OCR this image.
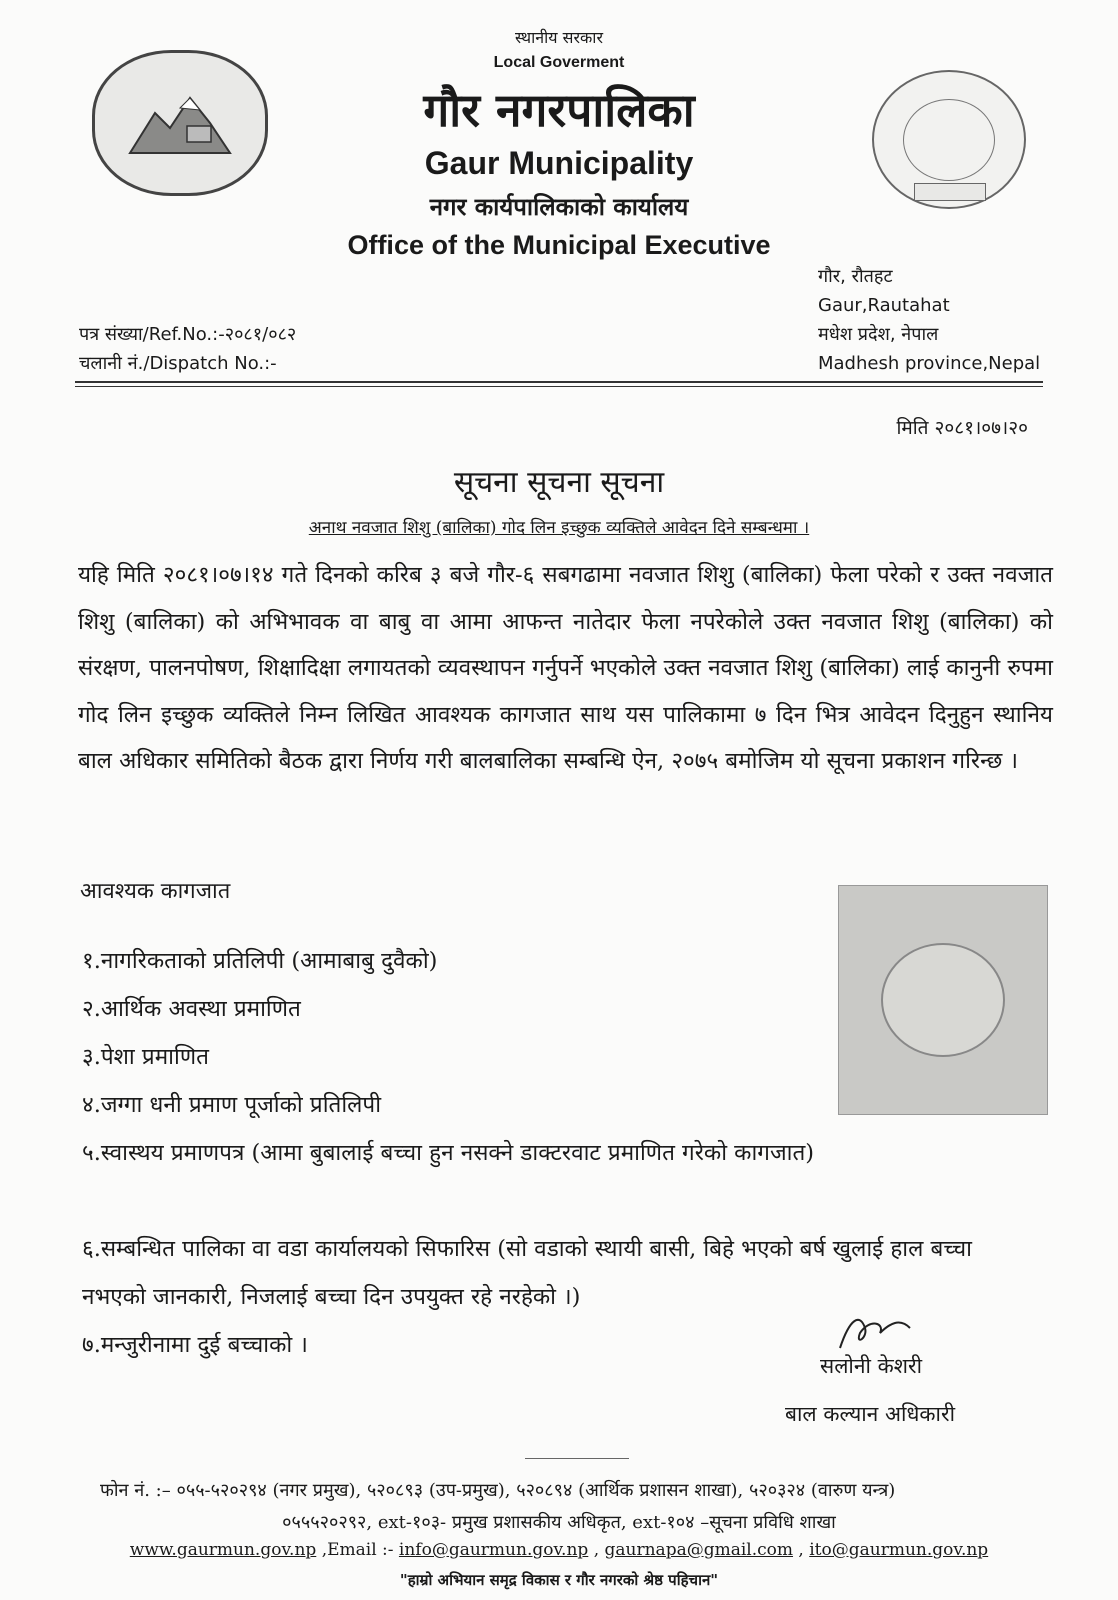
स्थानीय सरकार
Local Goverment
गौर नगरपालिका
Gaur Municipality
नगर कार्यपालिकाको कार्यालय
Office of the Municipal Executive
गौर, रौतहट
Gaur,Rautahat
मधेश प्रदेश, नेपाल
Madhesh province,Nepal
पत्र संख्या/Ref.No.:-२०८१/०८२
चलानी नं./Dispatch No.:-
मिति २०८१।०७।२०
सूचना सूचना सूचना
अनाथ नवजात शिशु (बालिका) गोद लिन इच्छुक व्यक्तिले आवेदन दिने सम्बन्धमा ।
यहि मिति २०८१।०७।१४ गते दिनको करिब ३ बजे गौर-६ सबगढामा नवजात शिशु (बालिका) फेला परेको र उक्त नवजात शिशु (बालिका) को अभिभावक वा बाबु वा आमा आफन्त नातेदार फेला नपरेकोले उक्त नवजात शिशु (बालिका) को संरक्षण, पालनपोषण, शिक्षादिक्षा लगायतको व्यवस्थापन गर्नुपर्ने भएकोले उक्त नवजात शिशु (बालिका) लाई कानुनी रुपमा गोद लिन इच्छुक व्यक्तिले निम्न लिखित आवश्यक कागजात साथ यस पालिकामा ७ दिन भित्र आवेदन दिनुहुन स्थानिय बाल अधिकार समितिको बैठक द्वारा निर्णय गरी बालबालिका सम्बन्धि ऐन, २०७५ बमोजिम यो सूचना प्रकाशन गरिन्छ ।
आवश्यक कागजात
१.नागरिकताको प्रतिलिपी (आमाबाबु दुवैको)
२.आर्थिक अवस्था प्रमाणित
३.पेशा प्रमाणित
४.जग्गा धनी प्रमाण पूर्जाको प्रतिलिपी
५.स्वास्थय प्रमाणपत्र (आमा बुबालाई बच्चा हुन नसक्ने डाक्टरवाट प्रमाणित गरेको कागजात)
६.सम्बन्धित पालिका वा वडा कार्यालयको सिफारिस (सो वडाको स्थायी बासी, बिहे भएको बर्ष खुलाई हाल बच्चा नभएको जानकारी, निजलाई बच्चा दिन उपयुक्त रहे नरहेको ।)
७.मन्जुरीनामा दुई बच्चाको ।
सलोनी केशरी
बाल कल्यान अधिकारी
फोन नं. :– ०५५-५२०२९४ (नगर प्रमुख), ५२०८९३ (उप-प्रमुख), ५२०८९४ (आर्थिक प्रशासन शाखा), ५२०३२४ (वारुण यन्त्र)
०५५५२०२९२, ext-१०३- प्रमुख प्रशासकीय अधिकृत, ext-१०४ –सूचना प्रविधि शाखा
www.gaurmun.gov.np ,Email :- info@gaurmun.gov.np , gaurnapa@gmail.com , ito@gaurmun.gov.np
"हाम्रो अभियान समृद्र विकास र गौर नगरको श्रेष्ठ पहिचान"
